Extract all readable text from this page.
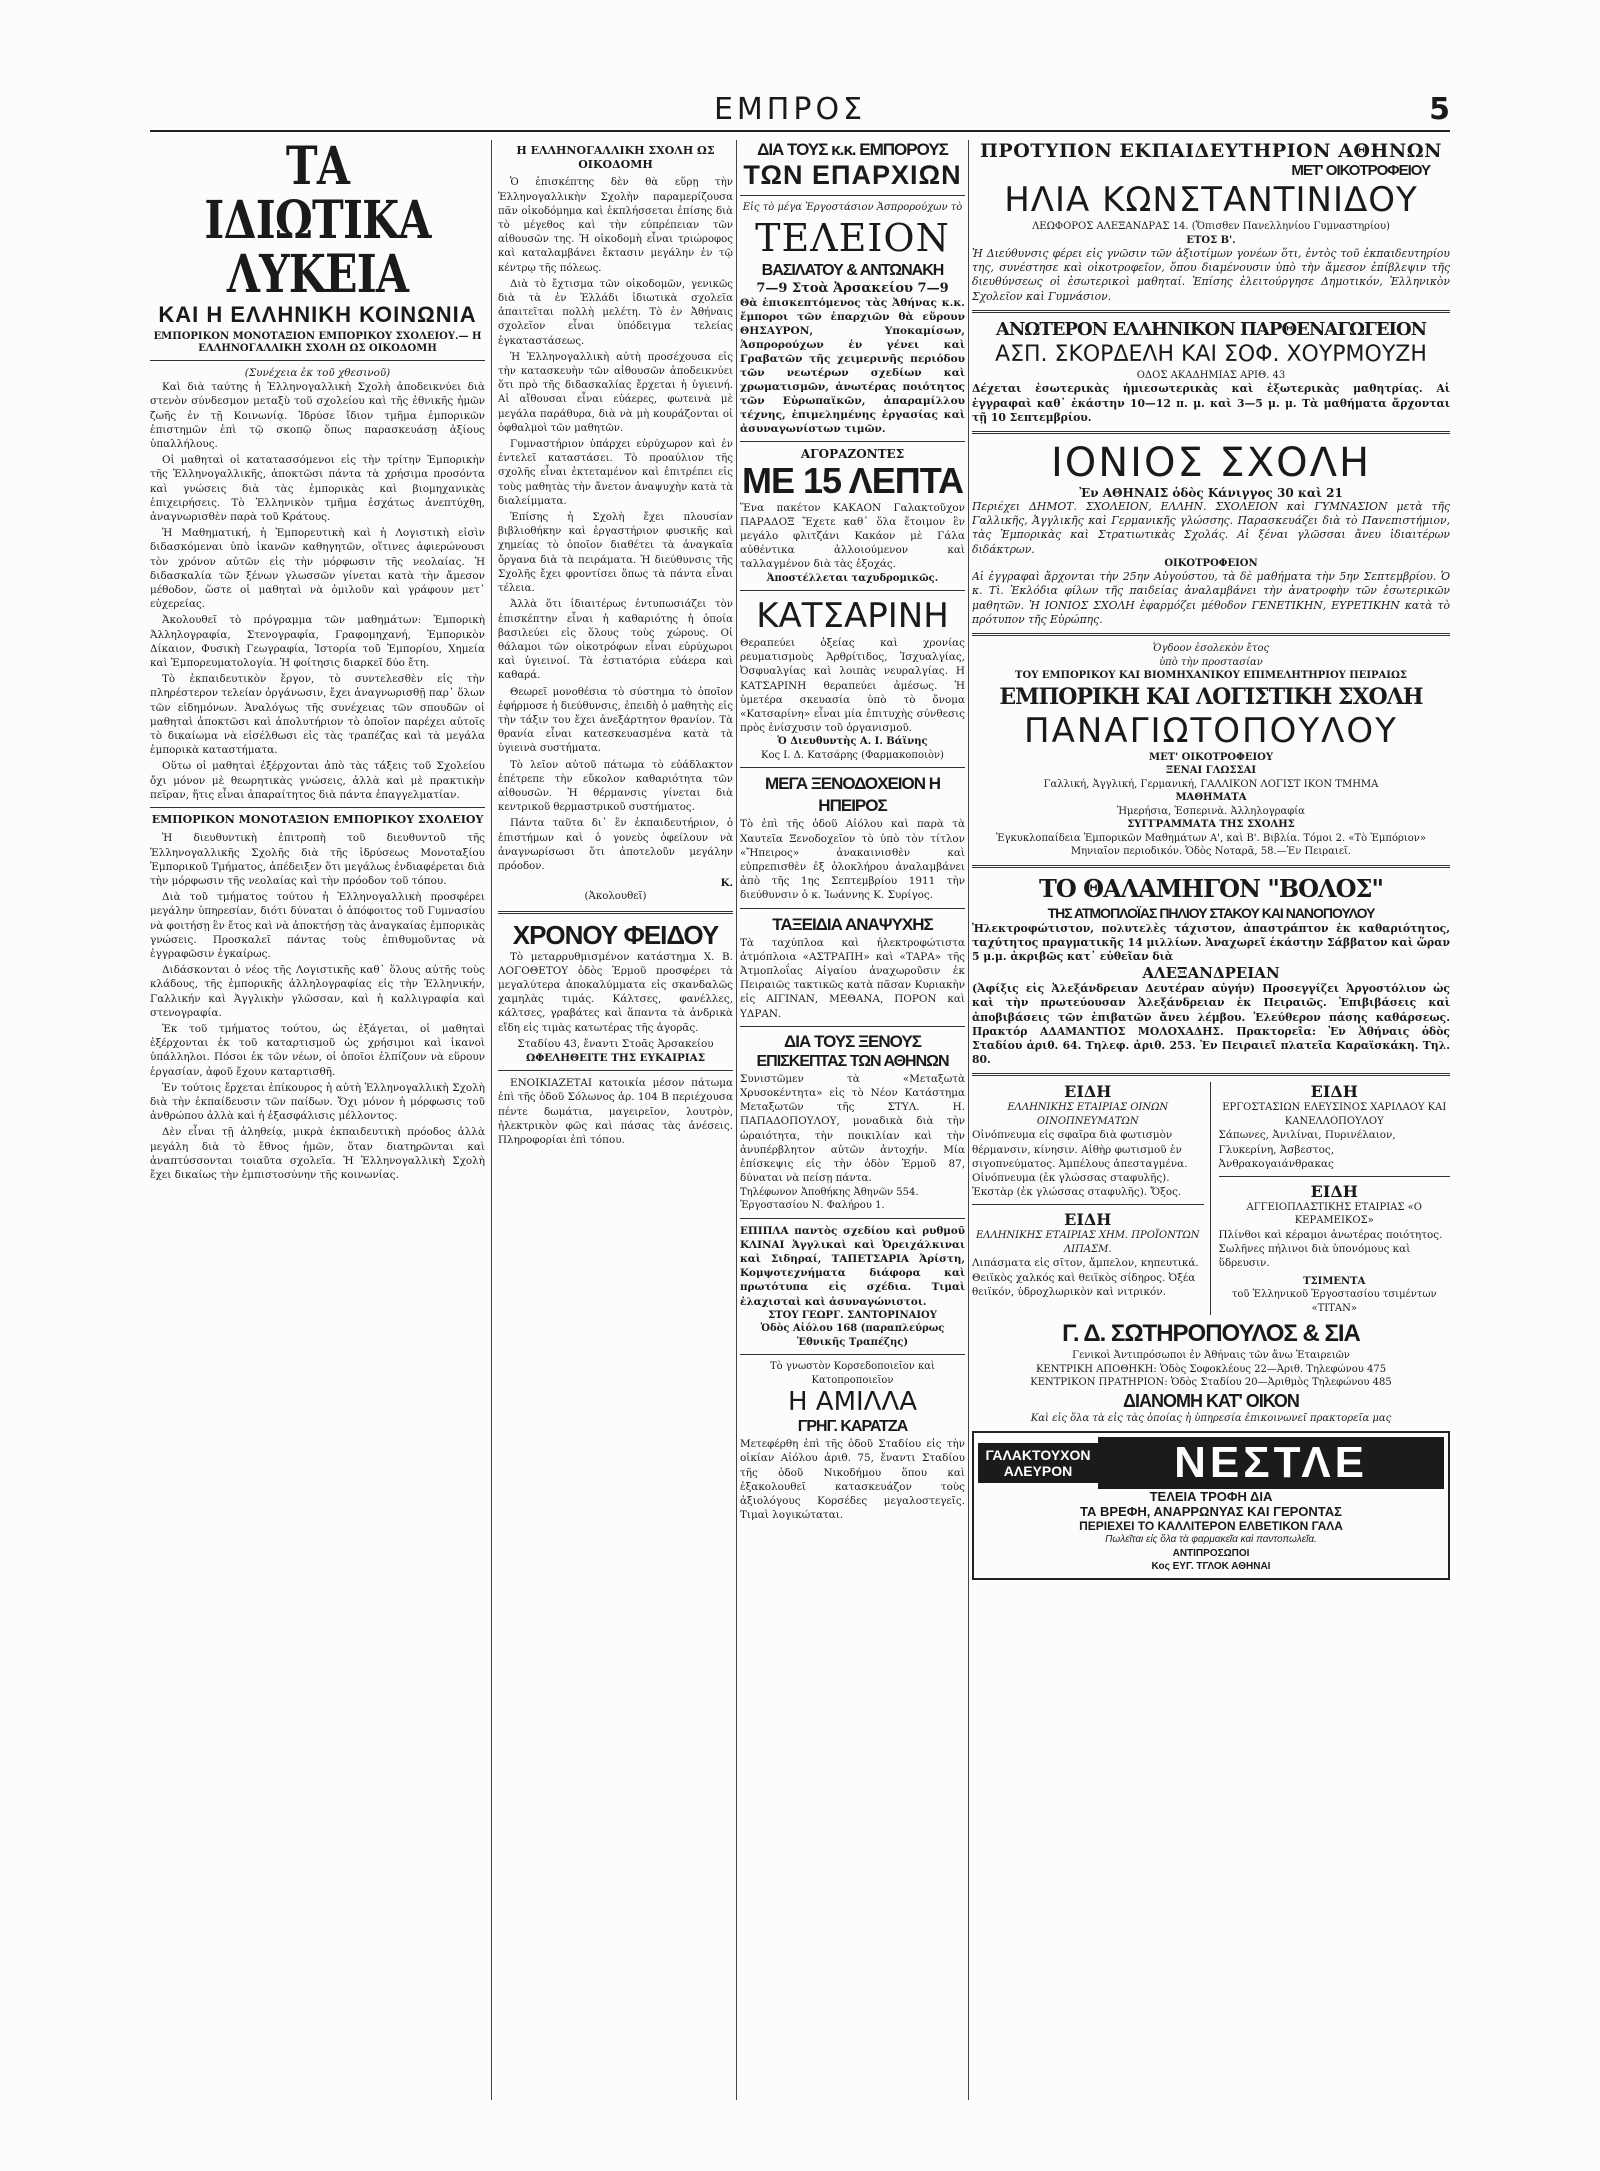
ΕΜΠΡΟΣ	5
ΤΑ ΙΔΙΩΤΙΚΑ ΛΥΚΕΙΑ
ΚΑΙ Η ΕΛΛΗΝΙΚΗ ΚΟΙΝΩΝΙΑ
ΕΜΠΟΡΙΚΟΝ ΜΟΝΟΤΑΞΙΟΝ ΕΜΠΟΡΙΚΟΥ ΣΧΟΛΕΙΟΥ.— Η ΕΛΛΗΝΟΓΑΛΛΙΚΗ ΣΧΟΛΗ ΩΣ ΟΙΚΟΔΟΜΗ
(Συνέχεια ἐκ τοῦ χθεσινοῦ)

Καὶ διὰ ταύτης ἡ Ἑλληνογαλλικὴ Σχολὴ ἀποδεικνύει διὰ στενὸν σύνδεσμον μεταξὺ τοῦ σχολείου καὶ τῆς ἐθνικῆς ἡμῶν ζωῆς ἐν τῇ Κοινωνίᾳ. Ἱδρύσε ἴδιον τμῆμα ἐμπορικῶν ἐπιστημῶν ἐπὶ τῷ σκοπῷ ὅπως παρασκευάσῃ ἀξίους ὑπαλλήλους.

Οἱ μαθηταὶ οἱ κατατασσόμενοι εἰς τὴν τρίτην Ἐμπορικὴν τῆς Ἑλληνογαλλικῆς, ἀποκτῶσι πάντα τὰ χρήσιμα προσόντα καὶ γνώσεις διὰ τὰς ἐμπορικὰς καὶ βιομηχανικὰς ἐπιχειρήσεις. Τὸ Ἐλληνικὸν τμῆμα ἐσχάτως ἀνεπτύχθη, ἀναγνωρισθὲν παρὰ τοῦ Κράτους.

Ἡ Μαθηματική, ἡ Ἐμπορευτικὴ καὶ ἡ Λογιστικὴ εἰσὶν διδασκόμεναι ὑπὸ ἱκανῶν καθηγητῶν, οἵτινες ἀφιερώνουσι τὸν χρόνον αὐτῶν εἰς τὴν μόρφωσιν τῆς νεολαίας. Ἡ διδασκαλία τῶν ξένων γλωσσῶν γίνεται κατὰ τὴν ἄμεσον μέθοδον, ὥστε οἱ μαθηταὶ νὰ ὁμιλοῦν καὶ γράφουν μετ᾽ εὐχερείας.

Ἀκολουθεῖ τὸ πρόγραμμα τῶν μαθημάτων: Ἐμπορικὴ Ἀλληλογραφία, Στενογραφία, Γραφομηχανή, Ἐμπορικὸν Δίκαιον, Φυσικὴ Γεωγραφία, Ἱστορία τοῦ Ἐμπορίου, Χημεία καὶ Ἐμπορευματολογία. Ἡ φοίτησις διαρκεῖ δύο ἔτη.

Τὸ ἐκπαιδευτικὸν ἔργον, τὸ συντελεσθὲν εἰς τὴν πληρέστερον τελείαν ὀργάνωσιν, ἔχει ἀναγνωρισθῇ παρ᾽ ὅλων τῶν εἰδημόνων. Ἀναλόγως τῆς συνέχειας τῶν σπουδῶν οἱ μαθηταὶ ἀποκτῶσι καὶ ἀπολυτήριον τὸ ὁποῖον παρέχει αὐτοῖς τὸ δικαίωμα νὰ εἰσέλθωσι εἰς τὰς τραπέζας καὶ τὰ μεγάλα ἐμπορικὰ καταστήματα.

Οὕτω οἱ μαθηταὶ ἐξέρχονται ἀπὸ τὰς τάξεις τοῦ Σχολείου ὄχι μόνον μὲ θεωρητικὰς γνώσεις, ἀλλὰ καὶ μὲ πρακτικὴν πεῖραν, ἥτις εἶναι ἀπαραίτητος διὰ πάντα ἐπαγγελματίαν.

ΕΜΠΟΡΙΚΟΝ ΜΟΝΟΤΑΞΙΟΝ ΕΜΠΟΡΙΚΟΥ ΣΧΟΛΕΙΟΥ

Ἡ διευθυντικὴ ἐπιτροπὴ τοῦ διευθυντοῦ τῆς Ἑλληνογαλλικῆς Σχολῆς διὰ τῆς ἱδρύσεως Μονοταξίου Ἐμπορικοῦ Τμήματος, ἀπέδειξεν ὅτι μεγάλως ἐνδιαφέρεται διὰ τὴν μόρφωσιν τῆς νεολαίας καὶ τὴν πρόοδον τοῦ τόπου.

Διὰ τοῦ τμήματος τούτου ἡ Ἑλληνογαλλικὴ προσφέρει μεγάλην ὑπηρεσίαν, διότι δύναται ὁ ἀπόφοιτος τοῦ Γυμνασίου νὰ φοιτήσῃ ἓν ἔτος καὶ νὰ ἀποκτήσῃ τὰς ἀναγκαίας ἐμπορικὰς γνώσεις. Προσκαλεῖ πάντας τοὺς ἐπιθυμοῦντας νὰ ἐγγραφῶσιν ἐγκαίρως.

Διδάσκονται ὁ νέος τῆς Λογιστικῆς καθ᾽ ὅλους αὐτῆς τοὺς κλάδους, τῆς ἐμπορικῆς ἀλληλογραφίας εἰς τὴν Ἑλληνικήν, Γαλλικήν καὶ Ἀγγλικὴν γλῶσσαν, καὶ ἡ καλλιγραφία καὶ στενογραφία.

Ἐκ τοῦ τμήματος τούτου, ὡς ἐξάγεται, οἱ μαθηταὶ ἐξέρχονται ἐκ τοῦ καταρτισμοῦ ὡς χρήσιμοι καὶ ἱκανοὶ ὑπάλληλοι. Πόσοι ἐκ τῶν νέων, οἱ ὁποῖοι ἐλπίζουν νὰ εὕρουν ἐργασίαν, ἀφοῦ ἔχουν καταρτισθῆ.

Ἐν τούτοις ἔρχεται ἐπίκουρος ἡ αὐτὴ Ἑλληνογαλλικὴ Σχολὴ διὰ τὴν ἐκπαίδευσιν τῶν παίδων. Ὄχι μόνον ἡ μόρφωσις τοῦ ἀνθρώπου ἀλλὰ καὶ ἡ ἐξασφάλισις μέλλοντος.

Δὲν εἶναι τῇ ἀληθείᾳ, μικρὰ ἐκπαιδευτικὴ πρόοδος ἀλλὰ μεγάλη διὰ τὸ ἔθνος ἡμῶν, ὅταν διατηρῶνται καὶ ἀναπτύσσονται τοιαῦτα σχολεῖα. Ἡ Ἑλληνογαλλικὴ Σχολὴ ἔχει δικαίως τὴν ἐμπιστοσύνην τῆς κοινωνίας.

Η ΕΛΛΗΝΟΓΑΛΛΙΚΗ ΣΧΟΛΗ ΩΣ ΟΙΚΟΔΟΜΗ

Ὁ ἐπισκέπτης δὲν θὰ εὕρῃ τὴν Ἑλληνογαλλικὴν Σχολὴν παραμερίζουσα πᾶν οἰκοδόμημα καὶ ἐκπλήσσεται ἐπίσης διὰ τὸ μέγεθος καὶ τὴν εὐπρέπειαν τῶν αἰθουσῶν της. Ἡ οἰκοδομὴ εἶναι τριώροφος καὶ καταλαμβάνει ἔκτασιν μεγάλην ἐν τῷ κέντρῳ τῆς πόλεως.

Διὰ τὸ ἔχτισμα τῶν οἰκοδομῶν, γενικῶς διὰ τὰ ἐν Ἑλλάδι ἰδιωτικὰ σχολεῖα ἀπαιτεῖται πολλὴ μελέτη. Τὸ ἐν Ἀθήναις σχολεῖον εἶναι ὑπόδειγμα τελείας ἐγκαταστάσεως.

Ἡ Ἑλληνογαλλικὴ αὐτὴ προσέχουσα εἰς τὴν κατασκευὴν τῶν αἰθουσῶν ἀποδεικνύει ὅτι πρὸ τῆς διδασκαλίας ἔρχεται ἡ ὑγιεινή. Αἱ αἴθουσαι εἶναι εὐάερες, φωτεινὰ μὲ μεγάλα παράθυρα, διὰ νὰ μὴ κουράζονται οἱ ὀφθαλμοὶ τῶν μαθητῶν.

Γυμναστήριον ὑπάρχει εὐρύχωρον καὶ ἐν ἐντελεῖ καταστάσει. Τὸ προαύλιον τῆς σχολῆς εἶναι ἐκτεταμένον καὶ ἐπιτρέπει εἰς τοὺς μαθητὰς τὴν ἄνετον ἀναψυχὴν κατὰ τὰ διαλείμματα.

Ἐπίσης ἡ Σχολὴ ἔχει πλουσίαν βιβλιοθήκην καὶ ἐργαστήριον φυσικῆς καὶ χημείας τὸ ὁποῖον διαθέτει τὰ ἀναγκαῖα ὄργανα διὰ τὰ πειράματα. Ἡ διεύθυνσις τῆς Σχολῆς ἔχει φροντίσει ὅπως τὰ πάντα εἶναι τέλεια.

Ἀλλὰ ὅτι ἰδιαιτέρως ἐντυπωσιάζει τὸν ἐπισκέπτην εἶναι ἡ καθαριότης ἡ ὁποία βασιλεύει εἰς ὅλους τοὺς χώρους. Οἱ θάλαμοι τῶν οἰκοτρόφων εἶναι εὐρύχωροι καὶ ὑγιεινοί. Τὰ ἐστιατόρια εὐάερα καὶ καθαρά.

Θεωρεῖ μονοθέσια τὸ σύστημα τὸ ὁποῖον ἐφήρμοσε ἡ διεύθυνσις, ἐπειδὴ ὁ μαθητὴς εἰς τὴν τάξιν του ἔχει ἀνεξάρτητον θρανίον. Τὰ θρανία εἶναι κατεσκευασμένα κατὰ τὰ ὑγιεινὰ συστήματα.

Τὸ λεῖον αὐτοῦ πάτωμα τὸ εὐάδλακτον ἐπέτρεπε τὴν εὔκολον καθαριότητα τῶν αἰθουσῶν. Ἡ θέρμανσις γίνεται διὰ κεντρικοῦ θερμαστρικοῦ συστήματος.

Πάντα ταῦτα δι᾽ ἓν ἐκπαιδευτήριον, ὁ ἐπιστήμων καὶ ὁ γονεὺς ὀφείλουν νὰ ἀναγνωρίσωσι ὅτι ἀποτελοῦν μεγάλην πρόοδον.

Κ.
(Ἀκολουθεῖ)
ΧΡΟΝΟΥ ΦΕΙΔΟΥ

Τὸ μεταρρυθμισμένον κατάστημα Χ. Β. ΛΟΓΟΘΕΤΟΥ ὁδὸς Ἑρμοῦ προσφέρει τὰ μεγαλύτερα ἀποκαλύμματα εἰς σκανδαλῶς χαμηλὰς τιμάς. Κάλτσες, φανέλλες, κάλτσες, γραβάτες καὶ ἅπαντα τὰ ἀνδρικὰ εἴδη εἰς τιμὰς κατωτέρας τῆς ἀγορᾶς.

Σταδίου 43, ἔναντι Στοᾶς Ἀρσακείου
ΩΦΕΛΗΘΕΙΤΕ ΤΗΣ ΕΥΚΑΙΡΙΑΣ

ΕΝΟΙΚΙΑΖΕΤΑΙ κατοικία μέσον πάτωμα ἐπὶ τῆς ὁδοῦ Σόλωνος ἀρ. 104 Β περιέχουσα πέντε δωμάτια, μαγειρεῖον, λουτρὸν, ἠλεκτρικὸν φῶς καὶ πάσας τὰς ἀνέσεις. Πληροφορίαι ἐπὶ τόπου.

ΔΙΑ ΤΟΥΣ κ.κ. ΕΜΠΟΡΟΥΣ
ΤΩΝ ΕΠΑΡΧΙΩΝ
Εἰς τὸ μέγα Ἐργοστάσιον Ἀσπρορούχων τὸ
ΤΕΛΕΙΟΝ
ΒΑΣΙΛΑΤΟΥ & ΑΝΤΩΝΑΚΗ
7—9 Στοὰ Ἀρσακείου 7—9
Θὰ ἐπισκεπτόμενος τὰς Ἀθήνας κ.κ. ἔμποροι τῶν ἐπαρχιῶν θὰ εὕρουν ΘΗΣΑΥΡΟΝ, Υποκαμίσων, Ἀσπρορούχων ἐν γένει καὶ Γραβατῶν τῆς χειμερινῆς περιόδου τῶν νεωτέρων σχεδίων καὶ χρωματισμῶν, ἀνωτέρας ποιότητος τῶν Εὐρωπαϊκῶν, ἀπαραμίλλου τέχνης, ἐπιμελημένης ἐργασίας καὶ ἀσυναγωνίστων τιμῶν.
ΑΓΟΡΑΖΟΝΤΕΣ
ΜΕ 15 ΛΕΠΤΑ
Ἕνα πακέτον ΚΑΚΑΟΝ Γαλακτοῦχον ΠΑΡΑΔΟΞ Ἔχετε καθ᾽ ὅλα ἕτοιμον ἓν μεγάλο φλιτζάνι Κακάον μὲ Γάλα αὐθέντικα ἀλλοιούμενον καὶ ταλλαγμένον διὰ τὰς ἐξοχάς.
Ἀποστέλλεται ταχυδρομικῶς.
ΚΑΤΣΑΡΙΝΗ
Θεραπεύει ὀξείας καὶ χρονίας ρευματισμοὺς Ἀρθρίτιδος, Ἰσχυαλγίας, Ὀσφυαλγίας καὶ λοιπὰς νευραλγίας. Η ΚΑΤΣΑΡΙΝΗ θεραπεύει ἀμέσως. Ἡ ὑμετέρα σκευασία ὑπὸ τὸ ὄνομα «Κατσαρίνη» εἶναι μία ἐπιτυχὴς σύνθεσις πρὸς ἐνίσχυσιν τοῦ ὀργανισμοῦ.
Ὁ Διευθυντὴς Α. Ι. Βάϊνης
Κος Ι. Δ. Κατσάρης (Φαρμακοποιὸν)
ΜΕΓΑ ΞΕΝΟΔΟΧΕΙΟΝ Η ΗΠΕΙΡΟΣ
Τὸ ἐπὶ τῆς ὁδοῦ Αἰόλου καὶ παρὰ τὰ Χαυτεῖα Ξενοδοχεῖον τὸ ὑπὸ τὸν τίτλον «Ἤπειρος» ἀνακαινισθὲν καὶ εὐπρεπισθὲν ἐξ ὁλοκλήρου ἀναλαμβάνει ἀπὸ τῆς 1ης Σεπτεμβρίου 1911 τὴν διεύθυνσιν ὁ κ. Ἰωάννης Κ. Συρίγος.
ΤΑΞΕΙΔΙΑ ΑΝΑΨΥΧΗΣ
Τὰ ταχύπλοα καὶ ἠλεκτροφώτιστα ἀτμόπλοια «ΑΣΤΡΑΠΗ» καὶ «ΤΑΡΑ» τῆς Ἀτμοπλοΐας Αἰγαίου ἀναχωροῦσιν ἐκ Πειραιῶς τακτικῶς κατὰ πᾶσαν Κυριακὴν εἰς ΑΙΓΙΝΑΝ, ΜΕΘΑΝΑ, ΠΟΡΟΝ καὶ ΥΔΡΑΝ.
ΔΙΑ ΤΟΥΣ ΞΕΝΟΥΣ
ΕΠΙΣΚΕΠΤΑΣ ΤΩΝ ΑΘΗΝΩΝ
Συνιστῶμεν τὰ «Μεταξωτὰ Χρυσοκέντητα» εἰς τὸ Νέον Κατάστημα Μεταξωτῶν τῆς ΣΤΥΛ. Η. ΠΑΠΑΔΟΠΟΥΛΟΥ, μοναδικὰ διὰ τὴν ὡραιότητα, τὴν ποικιλίαν καὶ τὴν ἀνυπέρβλητον αὐτῶν ἀντοχήν. Μία ἐπίσκεψις εἰς τὴν ὁδὸν Ἑρμοῦ 87, δύναται νὰ πείσῃ πάντα.
Τηλέφωνον Ἀποθήκης Ἀθηνῶν 554. Ἐργοστασίου Ν. Φαλήρου 1.
ΕΠΙΠΛΑ παντὸς σχεδίου καὶ ρυθμοῦ ΚΛΙΝΑΙ Ἀγγλικαὶ καὶ Ὀρειχάλκιναι καὶ Σιδηραί, ΤΑΠΕΤΣΑΡΙΑ Ἀρίστη, Κομψοτεχνήματα διάφορα καὶ πρωτότυπα εἰς σχέδια. Τιμαὶ ἐλαχισταὶ καὶ ἀσυναγώνιστοι.
ΣΤΟΥ ΓΕΩΡΓ. ΣΑΝΤΟΡΙΝΑΙΟΥ
Ὁδὸς Αἰόλου 168 (παραπλεύρως Ἐθνικῆς Τραπέζης)
Τὸ γνωστὸν Κορσεδοποιεῖον καὶ Κατοπροποιεῖον
Η ΑΜΙΛΛΑ
ΓΡΗΓ. ΚΑΡΑΤΖΑ
Μετεφέρθη ἐπὶ τῆς ὁδοῦ Σταδίου εἰς τὴν οἰκίαν Αἰόλου ἀριθ. 75, ἔναντι Σταδίου τῆς ὁδοῦ Νικοδήμου ὅπου καὶ ἐξακολουθεῖ κατασκευάζον τοὺς ἀξιολόγους Κορσέδες μεγαλοστεγεῖς. Τιμαὶ λογικώταται.
ΠΡΟΤΥΠΟΝ ΕΚΠΑΙΔΕΥΤΗΡΙΟΝ ΑΘΗΝΩΝ
ΜΕΤ' ΟΙΚΟΤΡΟΦΕΙΟΥ
ΗΛΙΑ ΚΩΝΣΤΑΝΤΙΝΙΔΟΥ
ΛΕΩΦΟΡΟΣ ΑΛΕΞΑΝΔΡΑΣ 14. (Ὄπισθεν Πανελληνίου Γυμναστηρίου)
ΕΤΟΣ Β'.
Ἡ Διεύθυνσις φέρει εἰς γνῶσιν τῶν ἀξιοτίμων γονέων ὅτι, ἐντὸς τοῦ ἐκπαιδευτηρίου της, συνέστησε καὶ οἰκοτροφεῖον, ὅπου διαμένουσιν ὑπὸ τὴν ἄμεσον ἐπίβλεψιν τῆς διευθύνσεως οἱ ἐσωτερικοὶ μαθηταί. Ἐπίσης ἐλειτούργησε Δημοτικόν, Ἑλληνικὸν Σχολεῖον καὶ Γυμνάσιον.
ΑΝΩΤΕΡΟΝ ΕΛΛΗΝΙΚΟΝ ΠΑΡΘΕΝΑΓΩΓΕΙΟΝ
ΑΣΠ. ΣΚΟΡΔΕΛΗ ΚΑΙ ΣΟΦ. ΧΟΥΡΜΟΥΖΗ
ΟΔΟΣ ΑΚΑΔΗΜΙΑΣ ΑΡΙΘ. 43
Δέχεται ἐσωτερικὰς ἡμιεσωτερικὰς καὶ ἐξωτερικὰς μαθητρίας. Αἱ ἐγγραφαὶ καθ᾽ ἑκάστην 10—12 π. μ. καὶ 3—5 μ. μ. Τὰ μαθήματα ἄρχονται τῇ 10 Σεπτεμβρίου.
ΙΟΝΙΟΣ ΣΧΟΛΗ
Ἐν ΑΘΗΝΑΙΣ ὁδὸς Κάνιγγος 30 καὶ 21
Περιέχει ΔΗΜΟΤ. ΣΧΟΛΕΙΟΝ, ΕΛΛΗΝ. ΣΧΟΛΕΙΟΝ καὶ ΓΥΜΝΑΣΙΟΝ μετὰ τῆς Γαλλικῆς, Ἀγγλικῆς καὶ Γερμανικῆς γλώσσης. Παρασκευάζει διὰ τὸ Πανεπιστήμιον, τὰς Ἐμπορικὰς καὶ Στρατιωτικὰς Σχολάς. Αἱ ξέναι γλῶσσαι ἄνευ ἰδιαιτέρων διδάκτρων.
ΟΙΚΟΤΡΟΦΕΙΟΝ
Αἱ ἐγγραφαὶ ἄρχονται τὴν 25ην Αὐγούστου, τὰ δὲ μαθήματα τὴν 5ην Σεπτεμβρίου. Ὁ κ. Τὶ. Ἐκλόδια φίλων τῆς παιδείας ἀναλαμβάνει τὴν ἀνατροφὴν τῶν ἐσωτερικῶν μαθητῶν. Ἡ ΙΟΝΙΟΣ ΣΧΟΛΗ ἐφαρμόζει μέθοδον ΓΕΝΕΤΙΚΗΝ, ΕΥΡΕΤΙΚΗΝ κατὰ τὸ πρότυπον τῆς Εὐρώπης.
Ὁγδοον ἐσολεκὸν ἔτος
ὑπὸ τὴν προστασίαν
ΤΟΥ ΕΜΠΟΡΙΚΟΥ ΚΑΙ ΒΙΟΜΗΧΑΝΙΚΟΥ ΕΠΙΜΕΛΗΤΗΡΙΟΥ ΠΕΙΡΑΙΩΣ
ΕΜΠΟΡΙΚΗ ΚΑΙ ΛΟΓΙΣΤΙΚΗ ΣΧΟΛΗ
ΠΑΝΑΓΙΩΤΟΠΟΥΛΟΥ
ΜΕΤ' ΟΙΚΟΤΡΟΦΕΙΟΥ
ΞΕΝΑΙ ΓΛΩΣΣΑΙ
Γαλλική, Ἀγγλική, Γερμανική, ΓΑΛΛΙΚΟΝ ΛΟΓΙΣΤ ΙΚΟΝ ΤΜΗΜΑ
ΜΑΘΗΜΑΤΑ
Ἡμερήσια, Ἑσπερινὰ. Ἀλληλογραφία
ΣΥΓΓΡΑΜΜΑΤΑ ΤΗΣ ΣΧΟΛΗΣ
Ἐγκυκλοπαίδεια Ἐμπορικῶν Μαθημάτων Α', καὶ Β'. Βιβλία. Τόμοι 2. «Τὸ Ἐμπόριον» Μηνιαῖον περιοδικόν. Ὁδὸς Νοταρᾶ, 58.—Ἐν Πειραιεῖ.
ΤΟ ΘΑΛΑΜΗΓΟΝ "ΒΟΛΟΣ"
ΤΗΣ ΑΤΜΟΠΛΟΪΑΣ ΠΗΛΙΟΥ ΣΤΑΚΟΥ ΚΑΙ ΝΑΝΟΠΟΥΛΟΥ
Ἠλεκτροφώτιστον, πολυτελὲς τάχιστον, ἀπαστράπτον ἐκ καθαριότητος, ταχύτητος πραγματικῆς 14 μιλλίων. Ἀναχωρεῖ ἑκάστην Σάββατον καὶ ὥραν 5 μ.μ. ἀκριβῶς κατ᾽ εὐθεῖαν διὰ
ΑΛΕΞΑΝΔΡΕΙΑΝ
(Ἀφίξις εἰς Ἀλεξάνδρειαν Δευτέραν αὐγήν) Προσεγγίζει Ἀργοστόλιον ὡς καὶ τὴν πρωτεύουσαν Ἀλεξάνδρειαν ἐκ Πειραιῶς. Ἐπιβιβάσεις καὶ ἀποβιβάσεις τῶν ἐπιβατῶν ἄνευ λέμβου. Ἐλεύθερον πάσης καθάρσεως. Πρακτόρ ΑΔΑΜΑΝΤΙΟΣ ΜΟΛΟΧΑΔΗΣ. Πρακτορεῖα: Ἐν Ἀθήναις ὁδὸς Σταδίου ἀριθ. 64. Τηλεφ. ἀριθ. 253. Ἐν Πειραιεῖ πλατεῖα Καραϊσκάκη. Τηλ. 80.
ΕΙΔΗ
ΕΛΛΗΝΙΚΗΣ ΕΤΑΙΡΙΑΣ ΟΙΝΩΝ ΟΙΝΟΠΝΕΥΜΑΤΩΝ
Οἰνόπνευμα εἰς σφαῖρα διὰ φωτισμὸν θέρμανσιν, κίνησιν. Αἰθὴρ φωτισμοῦ ἐν σιγοπνεύματος. Ἀμπέλους ἀπεσταγμένα. Οἰνόπνευμα (ἐκ γλώσσας σταφυλῆς). Ἐκστὰρ (ἐκ γλώσσας σταφυλῆς). Ὄξος.
ΕΙΔΗ
ΕΛΛΗΝΙΚΗΣ ΕΤΑΙΡΙΑΣ ΧΗΜ. ΠΡΟΪΟΝΤΩΝ ΛΙΠΑΣΜ.
Λιπάσματα εἰς σῖτον, ἄμπελον, κηπευτικά. Θειϊκὸς χαλκός καὶ θειϊκὸς σίδηρος. Ὀξέα θειϊκόν, ὑδροχλωρικὸν καὶ νιτρικόν.
ΕΙΔΗ
ΕΡΓΟΣΤΑΣΙΩΝ ΕΛΕΥΣΙΝΟΣ ΧΑΡΙΛΑΟΥ ΚΑΙ ΚΑΝΕΛΛΟΠΟΥΛΟΥ
Σάπωνες, Ἀνιλίναι, Πυρινέλαιον, Γλυκερίνη, Ἀσβεστος, Ἀνθρακογαιάνθρακας
ΕΙΔΗ
ΑΓΓΕΙΟΠΛΑΣΤΙΚΗΣ ΕΤΑΙΡΙΑΣ «Ο ΚΕΡΑΜΕΙΚΟΣ»
Πλίνθοι καὶ κέραμοι ἀνωτέρας ποιότητος. Σωλῆνες πήλινοι διὰ ὑπονόμους καὶ ὕδρευσιν.
ΤΣΙΜΕΝΤΑ
τοῦ Ἑλληνικοῦ Ἐργοστασίου τσιμέντων «ΤΙΤΑΝ»
Γ. Δ. ΣΩΤΗΡΟΠΟΥΛΟΣ & ΣΙΑ
Γενικοὶ Ἀντιπρόσωποι ἐν Ἀθήναις τῶν ἄνω Ἑταιρειῶν
ΚΕΝΤΡΙΚΗ ΑΠΟΘΗΚΗ: Ὁδὸς Σοφοκλέους 22—Ἀριθ. Τηλεφώνου 475
ΚΕΝΤΡΙΚΟΝ ΠΡΑΤΗΡΙΟΝ: Ὁδὸς Σταδίου 20—Ἀριθμὸς Τηλεφώνου 485
ΔΙΑΝΟΜΗ ΚΑΤ' ΟΙΚΟΝ
Καὶ εἰς ὅλα τὰ εἰς τὰς ὁποίας ἡ ὑπηρεσία ἐπικοινωνεῖ πρακτορεῖα μας
ΓΑΛΑΚΤΟΥΧΟΝ ΑΛΕΥΡΟΝ	ΝΕΣΤΛΕ
ΤΕΛΕΙΑ ΤΡΟΦΗ ΔΙΑ
ΤΑ ΒΡΕΦΗ, ΑΝΑΡΡΩΝΥΑΣ ΚΑΙ ΓΕΡΟΝΤΑΣ
ΠΕΡΙΕΧΕΙ ΤΟ ΚΑΛΛΙΤΕΡΟΝ ΕΛΒΕΤΙΚΟΝ ΓΑΛΑ
Πωλεῖται εἰς ὅλα τὰ φαρμακεῖα καὶ παντοπωλεῖα.
ΑΝΤΙΠΡΟΣΩΠΟΙ
Κος ΕΥΓ. ΤΓΛΟΚ ΑΘΗΝΑΙ
